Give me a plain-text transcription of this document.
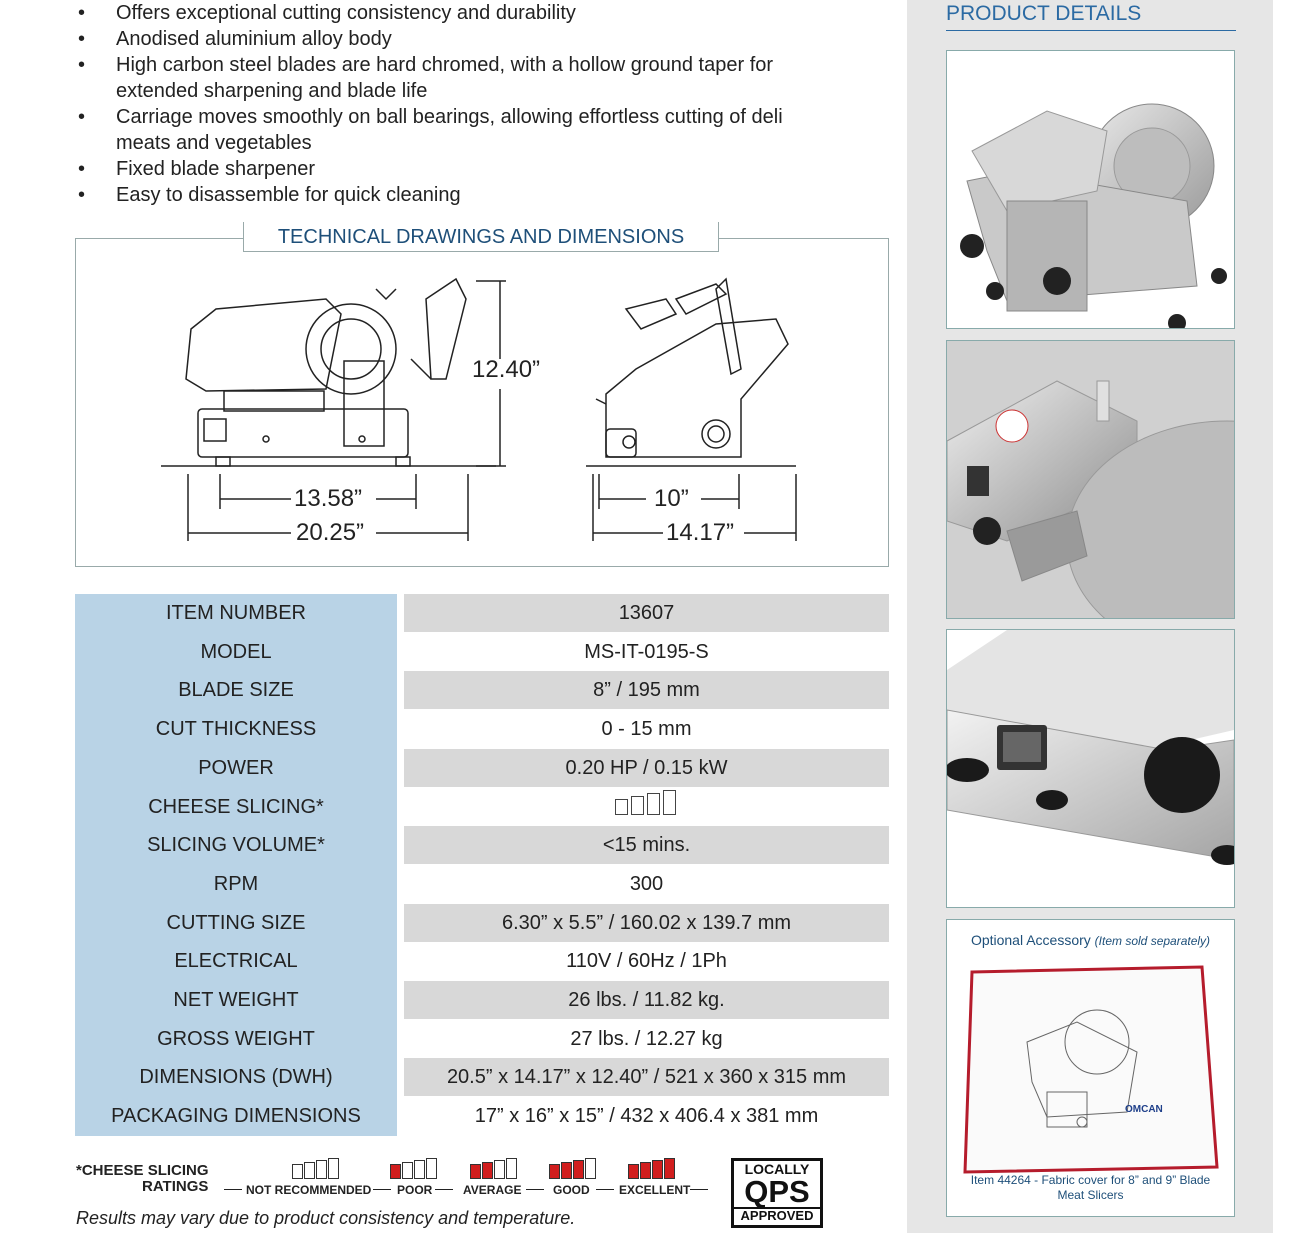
• Offers exceptional cutting consistency and durability
• Anodised aluminium alloy body
• High carbon steel blades are hard chromed, with a hollow ground taper for extended sharpening and blade life
• Carriage moves smoothly on ball bearings, allowing effortless cutting of deli meats and vegetables
• Fixed blade sharpener
• Easy to disassemble for quick cleaning
12.40”
13.58”
20.25”
10”
14.17”
TECHNICAL DRAWINGS AND DIMENSIONS
ITEM NUMBER	13607
MODEL	MS-IT-0195-S
BLADE SIZE	8” / 195 mm
CUT THICKNESS	0 - 15 mm
POWER	0.20 HP / 0.15 kW
CHEESE SLICING*
SLICING VOLUME*	<15 mins.
RPM	300
CUTTING SIZE	6.30” x 5.5” / 160.02 x 139.7 mm
ELECTRICAL	110V / 60Hz / 1Ph
NET WEIGHT	26 lbs. / 11.82 kg.
GROSS WEIGHT	27 lbs. / 12.27 kg
DIMENSIONS (DWH)	20.5” x 14.17” x 12.40” / 521 x 360 x 315 mm
PACKAGING DIMENSIONS	17” x 16” x 15” / 432 x 406.4 x 381 mm
*CHEESE SLICING
RATINGS	NOT RECOMMENDED POOR	AVERAGE	GOOD EXCELLENT
Results may vary due to product consistency and temperature.
LOCALLY
QPS
APPROVED
PRODUCT DETAILS
Optional Accessory (Item sold separately)
OMCAN
Item 44264 - Fabric cover for 8” and 9” Blade Meat Slicers
